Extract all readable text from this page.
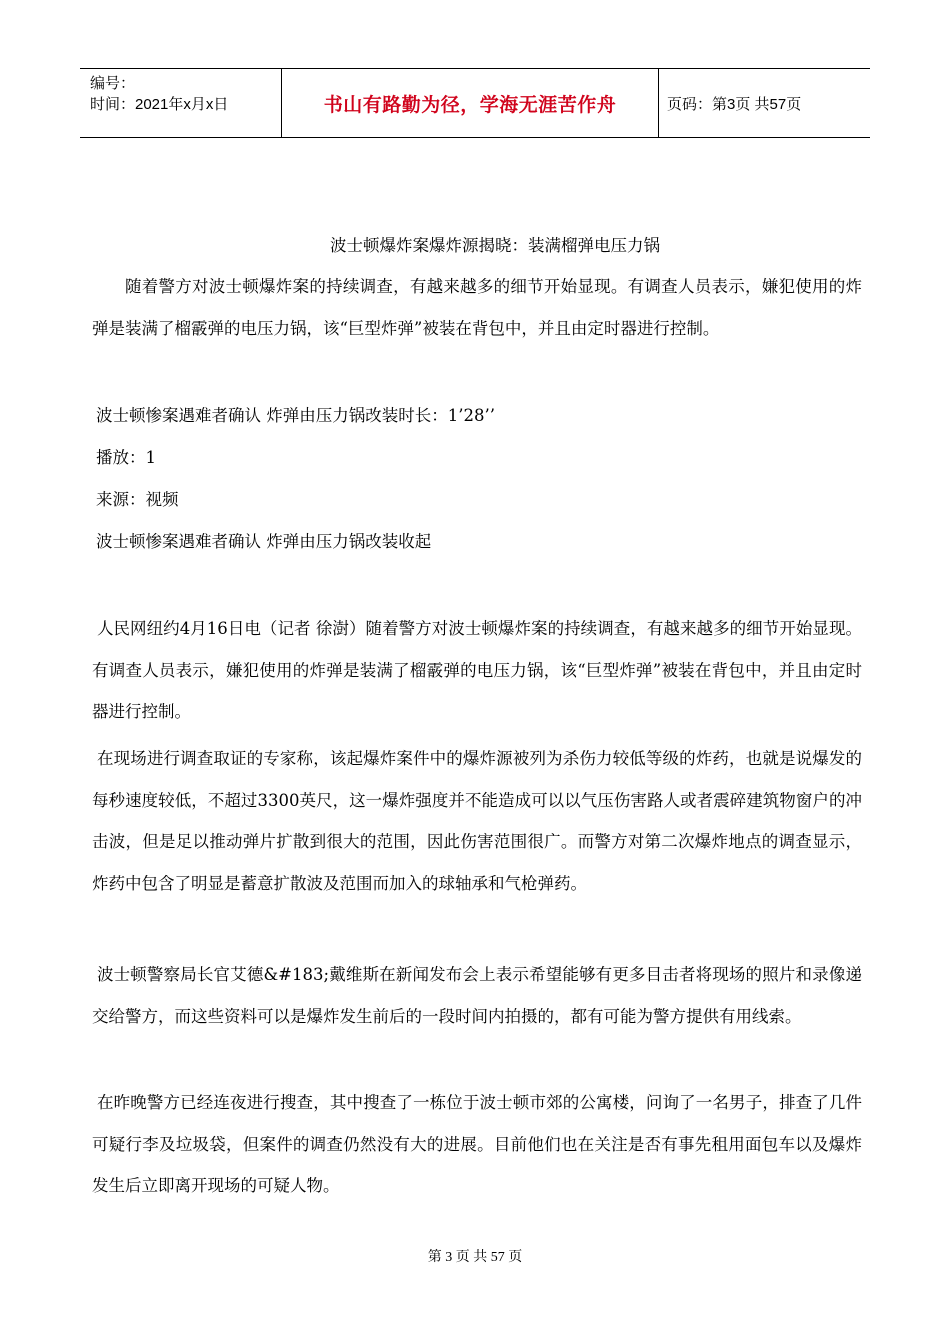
编号：
时间：2021年x月x日	书山有路勤为径，学海无涯苦作舟	页码：第3页 共57页
波士顿爆炸案爆炸源揭晓：装满榴弹电压力锅

随着警方对波士顿爆炸案的持续调查，有越来越多的细节开始显现。有调查人员表示，嫌犯使用的炸弹是装满了榴霰弹的电压力锅，该“巨型炸弹”被装在背包中，并且由定时器进行控制。

波士顿惨案遇难者确认 炸弹由压力锅改装时长：1’28’’

播放：1

来源：视频

波士顿惨案遇难者确认 炸弹由压力锅改装收起

人民网纽约4月16日电（记者 徐澍）随着警方对波士顿爆炸案的持续调查，有越来越多的细节开始显现。有调查人员表示，嫌犯使用的炸弹是装满了榴霰弹的电压力锅，该“巨型炸弹”被装在背包中，并且由定时器进行控制。

在现场进行调查取证的专家称，该起爆炸案件中的爆炸源被列为杀伤力较低等级的炸药，也就是说爆发的每秒速度较低，不超过3300英尺，这一爆炸强度并不能造成可以以气压伤害路人或者震碎建筑物窗户的冲击波，但是足以推动弹片扩散到很大的范围，因此伤害范围很广。而警方对第二次爆炸地点的调查显示，炸药中包含了明显是蓄意扩散波及范围而加入的球轴承和气枪弹药。

波士顿警察局长官艾德&#183;戴维斯在新闻发布会上表示希望能够有更多目击者将现场的照片和录像递交给警方，而这些资料可以是爆炸发生前后的一段时间内拍摄的，都有可能为警方提供有用线索。

在昨晚警方已经连夜进行搜查，其中搜查了一栋位于波士顿市郊的公寓楼，问询了一名男子，排查了几件可疑行李及垃圾袋，但案件的调查仍然没有大的进展。目前他们也在关注是否有事先租用面包车以及爆炸发生后立即离开现场的可疑人物。

第 3 页 共 57 页
